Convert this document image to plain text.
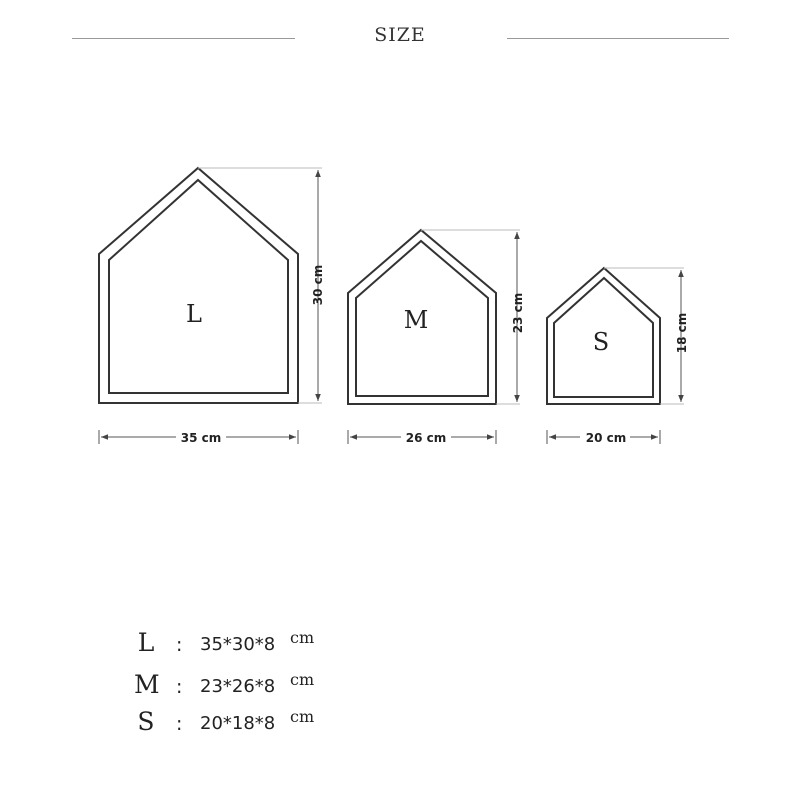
SIZE
L
30 cm
35 cm
M	23 cm
26 cm
S	18 cm
20 cm
L : 35*30*8 cm
M : 23*26*8 cm
S : 20*18*8 cm
